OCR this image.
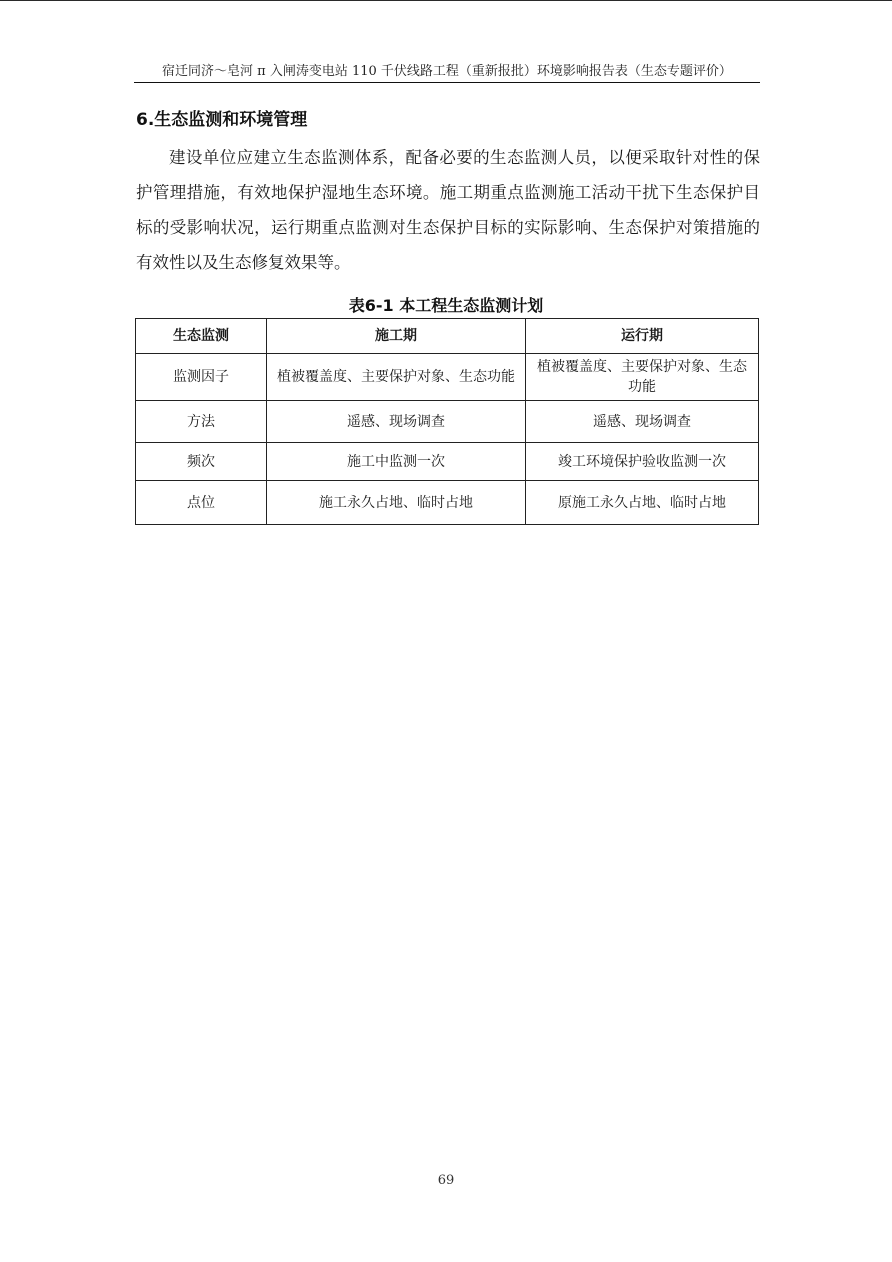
宿迁同济～皂河 π 入闸涛变电站 110 千伏线路工程（重新报批）环境影响报告表（生态专题评价）
6.生态监测和环境管理

建设单位应建立生态监测体系，配备必要的生态监测人员，以便采取针对性的保护管理措施，有效地保护湿地生态环境。施工期重点监测施工活动干扰下生态保护目标的受影响状况，运行期重点监测对生态保护目标的实际影响、生态保护对策措施的有效性以及生态修复效果等。

表6-1 本工程生态监测计划
生态监测	施工期	运行期
监测因子	植被覆盖度、主要保护对象、生态功能	植被覆盖度、主要保护对象、生态功能
方法	遥感、现场调查	遥感、现场调查
频次	施工中监测一次	竣工环境保护验收监测一次
点位	施工永久占地、临时占地	原施工永久占地、临时占地
69
